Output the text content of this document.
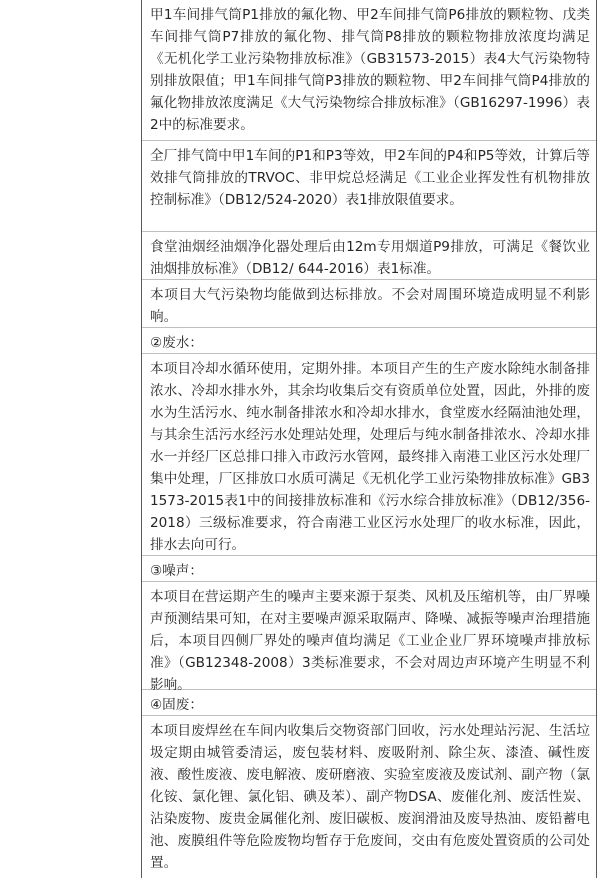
甲1车间排气筒P1排放的氟化物、甲2车间排气筒P6排放的颗粒物、戊类车间排气筒P7排放的氟化物、排气筒P8排放的颗粒物排放浓度均满足《无机化学工业污染物排放标准》（GB31573-2015）表4大气污染物特别排放限值；甲1车间排气筒P3排放的颗粒物、甲2车间排气筒P4排放的氟化物排放浓度满足《大气污染物综合排放标准》（GB16297-1996）表2中的标准要求。
全厂排气筒中甲1车间的P1和P3等效，甲2车间的P4和P5等效，计算后等效排气筒排放的TRVOC、非甲烷总烃满足《工业企业挥发性有机物排放控制标准》（DB12/524-2020）表1排放限值要求。
食堂油烟经油烟净化器处理后由12m专用烟道P9排放，可满足《餐饮业油烟排放标准》（DB12/ 644-2016）表1标准。
本项目大气污染物均能做到达标排放。不会对周围环境造成明显不利影响。
②废水：
本项目冷却水循环使用，定期外排。本项目产生的生产废水除纯水制备排浓水、冷却水排水外，其余均收集后交有资质单位处置，因此，外排的废水为生活污水、纯水制备排浓水和冷却水排水，食堂废水经隔油池处理，与其余生活污水经污水处理站处理，处理后与纯水制备排浓水、冷却水排水一并经厂区总排口排入市政污水管网，最终排入南港工业区污水处理厂集中处理，厂区排放口水质可满足《无机化学工业污染物排放标准》GB31573-2015表1中的间接排放标准和《污水综合排放标准》（DB12/356-2018）三级标准要求，符合南港工业区污水处理厂的收水标准，因此，排水去向可行。
③噪声：
本项目在营运期产生的噪声主要来源于泵类、风机及压缩机等，由厂界噪声预测结果可知，在对主要噪声源采取隔声、降噪、减振等噪声治理措施后，本项目四侧厂界处的噪声值均满足《工业企业厂界环境噪声排放标准》（GB12348-2008）3类标准要求，不会对周边声环境产生明显不利影响。
④固废：
本项目废焊丝在车间内收集后交物资部门回收，污水处理站污泥、生活垃圾定期由城管委清运，废包装材料、废吸附剂、除尘灰、漆渣、碱性废液、酸性废液、废电解液、废研磨液、实验室废液及废试剂、副产物（氯化铵、氯化锂、氯化铝、碘及苯）、副产物DSA、废催化剂、废活性炭、沾染废物、废贵金属催化剂、废旧碳板、废润滑油及废导热油、废铅蓄电池、废膜组件等危险废物均暂存于危废间，交由有危废处置资质的公司处置。
